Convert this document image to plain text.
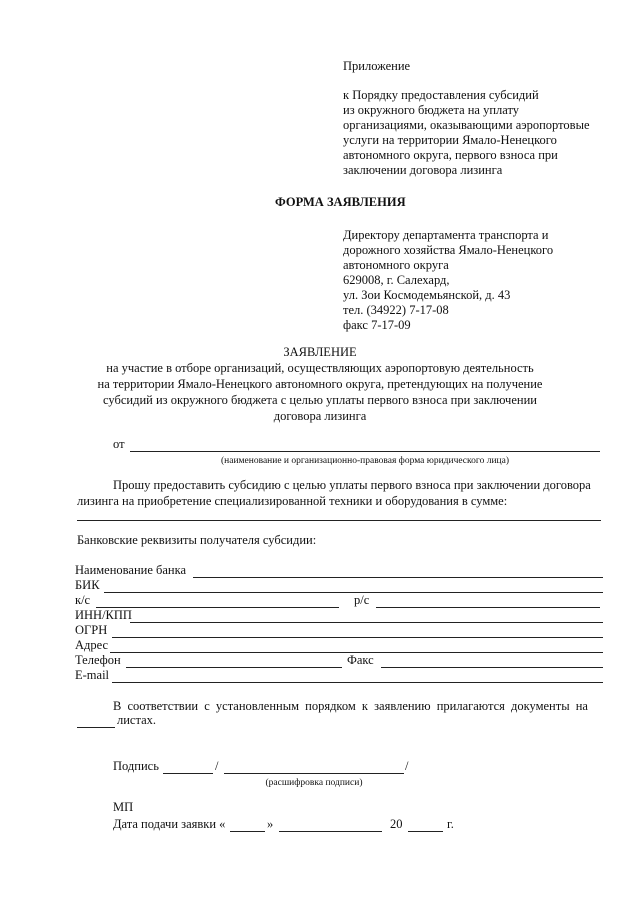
Приложение
к Порядку предоставления субсидий
из окружного бюджета на уплату
организациями, оказывающими аэропортовые
услуги на территории Ямало-Ненецкого
автономного округа, первого взноса при
заключении договора лизинга
ФОРМА ЗАЯВЛЕНИЯ
Директору департамента транспорта и
дорожного хозяйства Ямало-Ненецкого
автономного округа
629008, г. Салехард,
ул. Зои Космодемьянской, д. 43
тел. (34922) 7-17-08
факс 7-17-09
ЗАЯВЛЕНИЕ
на участие в отборе организаций, осуществляющих аэропортовую деятельность
на территории Ямало-Ненецкого автономного округа, претендующих на получение
субсидий из окружного бюджета с целью уплаты первого взноса при заключении
договора лизинга
от
(наименование и организационно-правовая форма юридического лица)
Прошу предоставить субсидию с целью уплаты первого взноса при заключении договора
лизинга на приобретение специализированной техники и оборудования в сумме:
Банковские реквизиты получателя субсидии:
Наименование банка
БИК
к/с	р/с
ИНН/КПП
ОГРН
Адрес
Телефон	Факс
E-mail
В соответствии с установленным порядком к заявлению прилагаются документы на
листах.
Подпись	/	/
(расшифровка подписи)
МП
Дата подачи заявки «	»	20	г.
